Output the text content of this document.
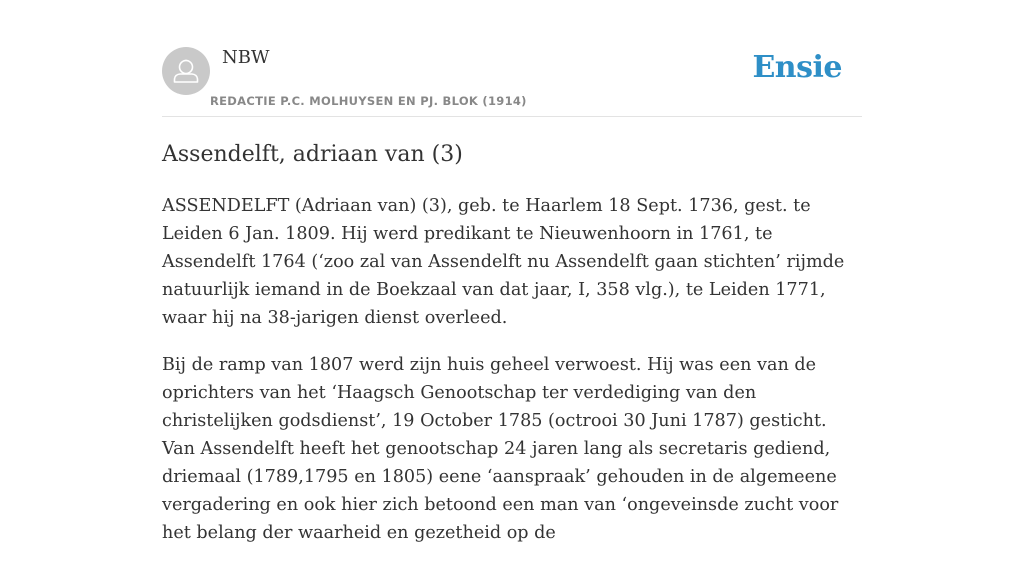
NBW
REDACTIE P.C. MOLHUYSEN EN PJ. BLOK (1914)
Ensie
Assendelft, adriaan van (3)

ASSENDELFT (Adriaan van) (3), geb. te Haarlem 18 Sept. 1736, gest. te Leiden 6 Jan. 1809. Hij werd predikant te Nieuwenhoorn in 1761, te Assendelft 1764 (‘zoo zal van Assendelft nu Assendelft gaan stichten’ rijmde natuurlijk iemand in de Boekzaal van dat jaar, I, 358 vlg.), te Leiden 1771, waar hij na 38-jarigen dienst overleed.

Bij de ramp van 1807 werd zijn huis geheel verwoest. Hij was een van de oprichters van het ‘Haagsch Genootschap ter verdediging van den christelijken godsdienst’, 19 October 1785 (octrooi 30 Juni 1787) gesticht. Van Assendelft heeft het genootschap 24 jaren lang als secretaris gediend, driemaal (1789,1795 en 1805) eene ‘aanspraak’ gehouden in de algemeene vergadering en ook hier zich betoond een man van ‘ongeveinsde zucht voor het belang der waarheid en gezetheid op de
